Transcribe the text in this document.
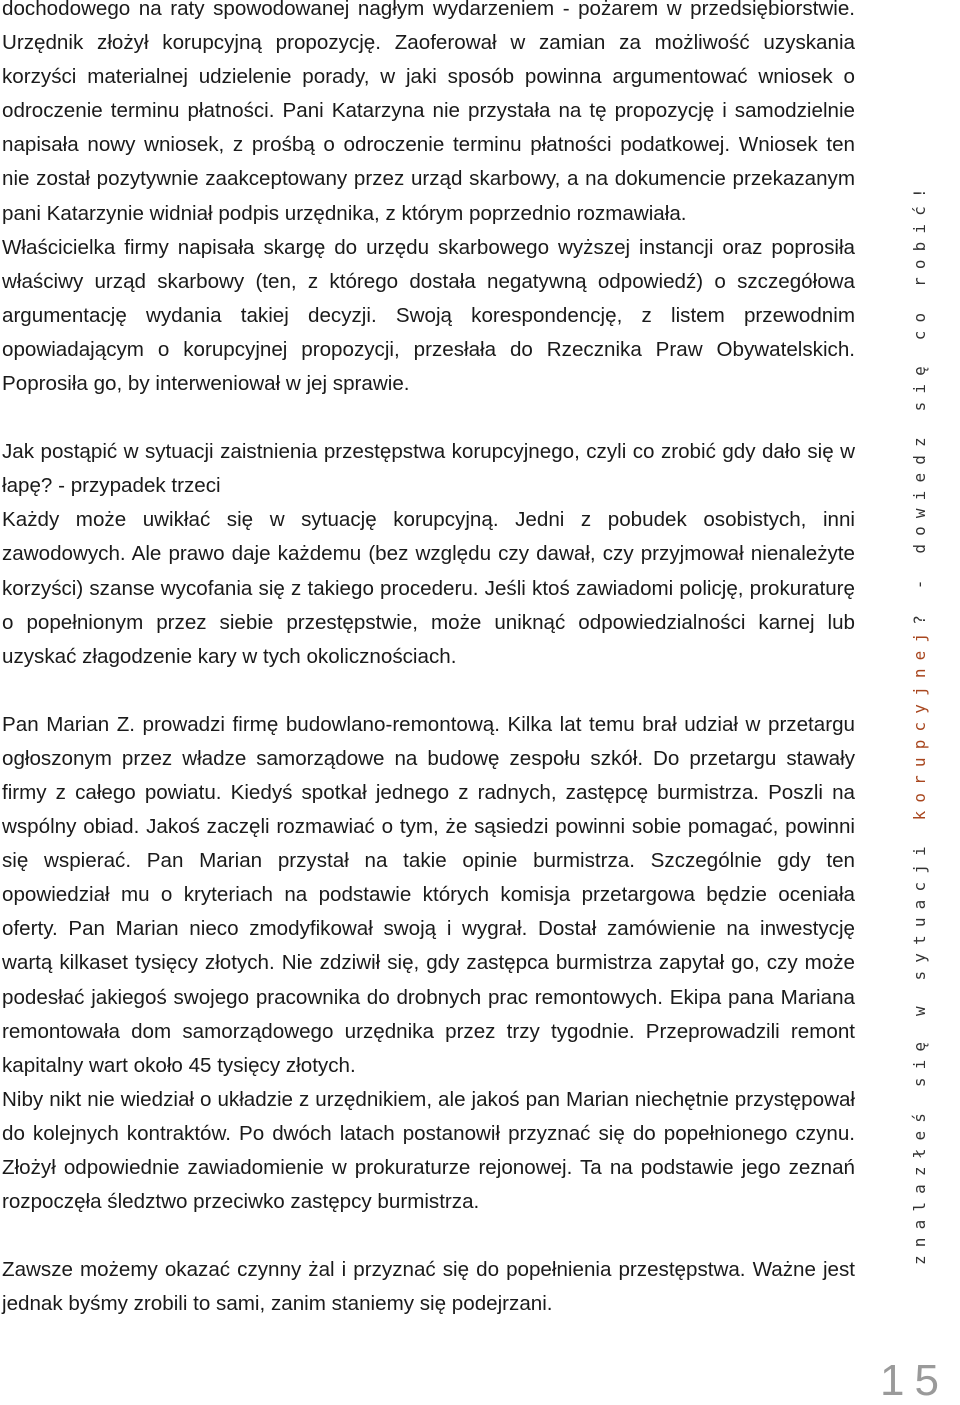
dochodowego na raty spowodowanej nagłym wydarzeniem - pożarem w przedsiębiorstwie. Urzędnik złożył korupcyjną propozycję. Zaoferował w zamian za możliwość uzyskania korzyści materialnej udzielenie porady, w jaki sposób powinna argumentować wniosek o odroczenie terminu płatności. Pani Katarzyna nie przystała na tę propozycję i samodzielnie napisała nowy wniosek, z prośbą o odroczenie terminu płatności podatkowej. Wniosek ten nie został pozytywnie zaakceptowany przez urząd skarbowy, a na dokumencie przekazanym pani Katarzynie widniał podpis urzędnika, z którym poprzednio rozmawiała.

Właścicielka firmy napisała skargę do urzędu skarbowego wyższej instancji oraz poprosiła właściwy urząd skarbowy (ten, z którego dostała negatywną odpowiedź) o szczegółowa argumentację wydania takiej decyzji. Swoją korespondencję, z listem przewodnim opowiadającym o korupcyjnej propozycji, przesłała do Rzecznika Praw Obywatelskich. Poprosiła go, by interweniował w jej sprawie.

Jak postąpić w sytuacji zaistnienia przestępstwa korupcyjnego, czyli co zrobić gdy dało się w łapę? - przypadek trzeci

Każdy może uwikłać się w sytuację korupcyjną. Jedni z pobudek osobistych, inni zawodowych. Ale prawo daje każdemu (bez względu czy dawał, czy przyjmował nienależyte korzyści) szanse wycofania się z takiego procederu. Jeśli ktoś zawiadomi policję, prokuraturę o popełnionym przez siebie przestępstwie, może uniknąć odpowiedzialności karnej lub uzyskać złagodzenie kary w tych okolicznościach.

Pan Marian Z. prowadzi firmę budowlano-remontową. Kilka lat temu brał udział w przetargu ogłoszonym przez władze samorządowe na budowę zespołu szkół. Do przetargu stawały firmy z całego powiatu. Kiedyś spotkał jednego z radnych, zastępcę burmistrza. Poszli na wspólny obiad. Jakoś zaczęli rozmawiać o tym, że sąsiedzi powinni sobie pomagać, powinni się wspierać. Pan Marian przystał na takie opinie burmistrza. Szczególnie gdy ten opowiedział mu o kryteriach na podstawie których komisja przetargowa będzie oceniała oferty. Pan Marian nieco zmodyfikował swoją i wygrał. Dostał zamówienie na inwestycję wartą kilkaset tysięcy złotych. Nie zdziwił się, gdy zastępca burmistrza zapytał go, czy może podesłać jakiegoś swojego pracownika do drobnych prac remontowych. Ekipa pana Mariana remontowała dom samorządowego urzędnika przez trzy tygodnie. Przeprowadzili remont kapitalny wart około 45 tysięcy złotych.

Niby nikt nie wiedział o układzie z urzędnikiem, ale jakoś pan Marian niechętnie przystępował do kolejnych kontraktów. Po dwóch latach postanowił przyznać się do popełnionego czynu. Złożył odpowiednie zawiadomienie w prokuraturze rejonowej. Ta na podstawie jego zeznań rozpoczęła śledztwo przeciwko zastępcy burmistrza.

Zawsze możemy okazać czynny żal i przyznać się do popełnienia przestępstwa. Ważne jest jednak byśmy zrobili to sami, zanim staniemy się podejrzani.

znalazłeś się w sytuacji korupcyjnej? - dowiedz się co robić!
15
